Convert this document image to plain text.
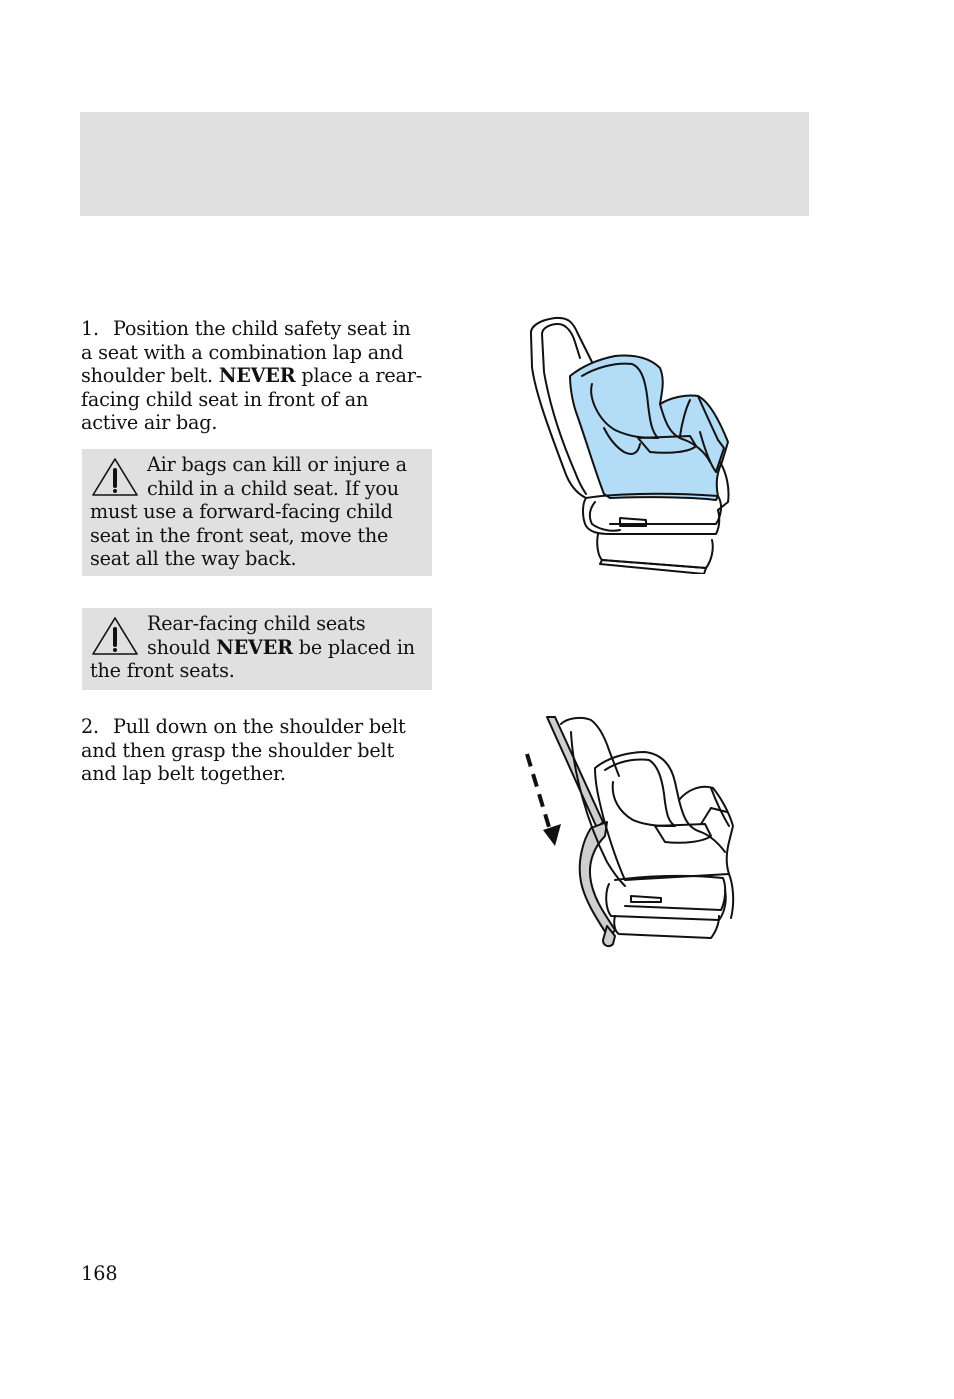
1. Position the child safety seat in a seat with a combination lap and shoulder belt. NEVER place a rear-facing child seat in front of an active air bag.
Air bags can kill or injure a child in a child seat. If you must use a forward-facing child seat in the front seat, move the seat all the way back.
Rear-facing child seats should NEVER be placed in the front seats.
2. Pull down on the shoulder belt and then grasp the shoulder belt and lap belt together.
168
